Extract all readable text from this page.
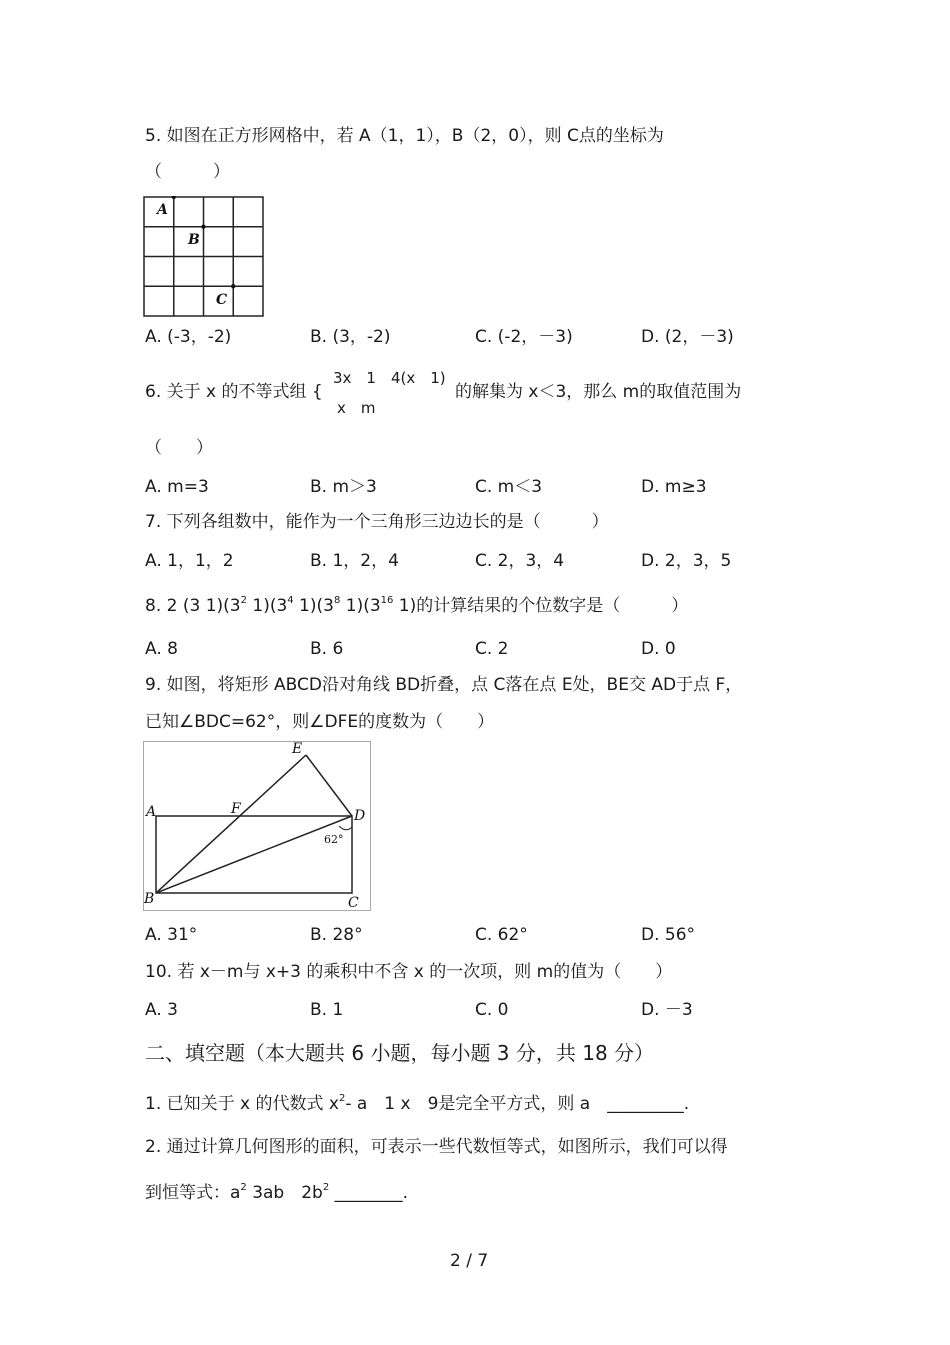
5. 如图在正方形网格中，若 A（1，1），B（2，0），则 C点的坐标为
（　　　）
A
B
C
A. (-3，-2)	B. (3，-2)	C. (-2，－3)	D. (2，－3)
6. 关于 x 的不等式组 {
3x　1　4(x　1)
x　m
的解集为 x＜3，那么 m的取值范围为
（　　）
A. m=3	B. m＞3	C. m＜3	D. m≥3
7. 下列各组数中，能作为一个三角形三边边长的是（　　　）
A. 1，1，2	B. 1，2，4	C. 2，3，4	D. 2，3，5
8. 2 (3 $1)(3^2$ $1)(3^4$ $1)(3^8$ $1)(3^{16}$ 1)的计算结果的个位数字是（　　　）
A. 8	B. 6	C. 2	D. 0
9. 如图，将矩形 ABCD沿对角线 BD折叠，点 C落在点 E处，BE交 AD于点 F，
已知∠BDC=62°，则∠DFE的度数为（　　）
E
A	F	D
62°
B	C
A. 31°	B. 28°	C. 62°	D. 56°
10. 若 x－m与 x+3 的乘积中不含 x 的一次项，则 m的值为（　　）
A. 3	B. 1	C. 0	D. －3
二、填空题（本大题共 6 小题，每小题 3 分，共 18 分）
1. 已知关于 x 的代数式 $x^2-$ a　1 x　9是完全平方式，则 a　_________.
2. 通过计算几何图形的面积，可表示一些代数恒等式，如图所示，我们可以得
到恒等式：$a^2$ 3ab　$2b^2$ ________.
2 / 7
